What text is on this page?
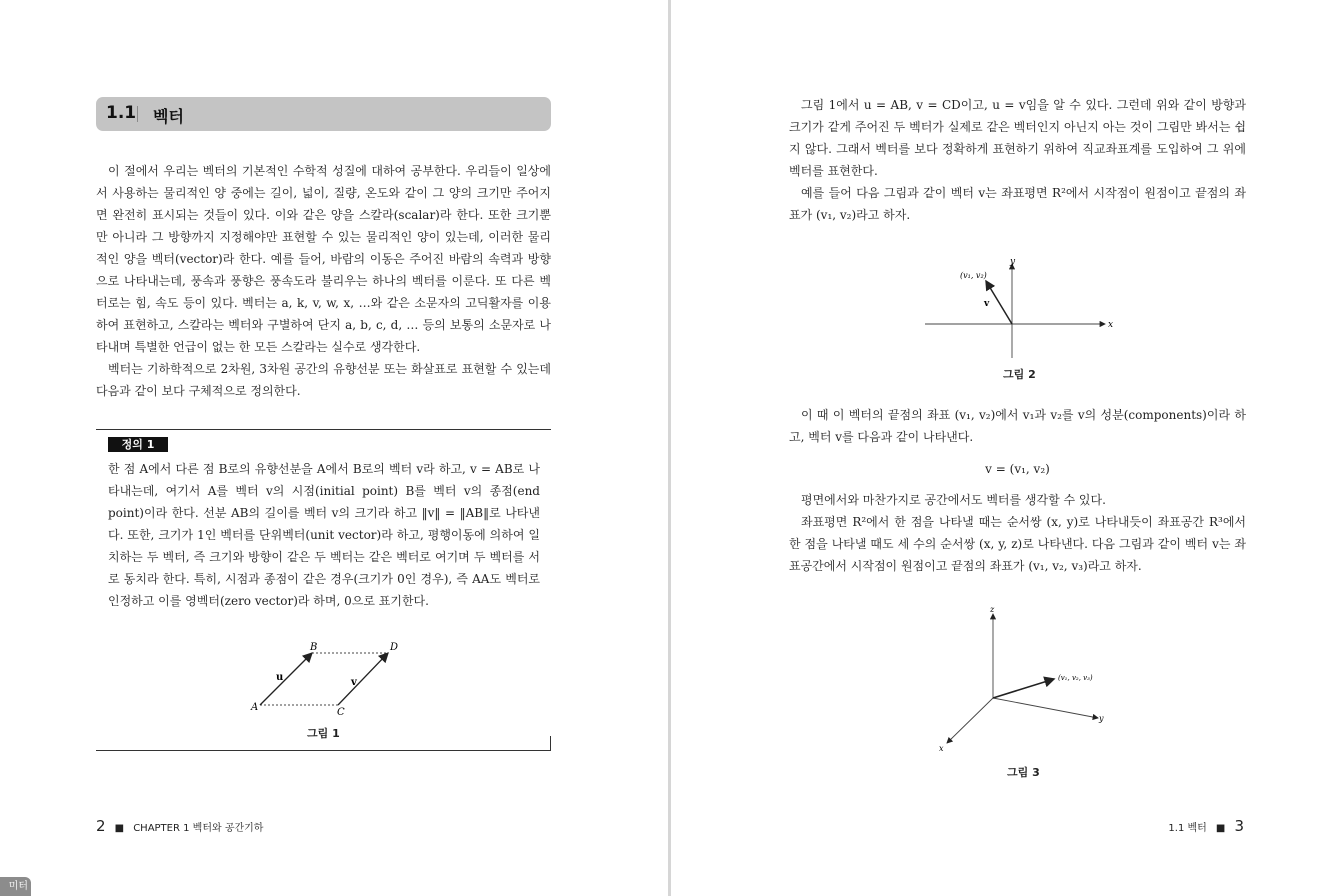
1.1 벡터

이 절에서 우리는 벡터의 기본적인 수학적 성질에 대하여 공부한다. 우리들이 일상에서 사용하는 물리적인 양 중에는 길이, 넓이, 질량, 온도와 같이 그 양의 크기만 주어지면 완전히 표시되는 것들이 있다. 이와 같은 양을 스칼라(scalar)라 한다. 또한 크기뿐만 아니라 그 방향까지 지정해야만 표현할 수 있는 물리적인 양이 있는데, 이러한 물리적인 양을 벡터(vector)라 한다. 예를 들어, 바람의 이동은 주어진 바람의 속력과 방향으로 나타내는데, 풍속과 풍향은 풍속도라 불리우는 하나의 벡터를 이룬다. 또 다른 벡터로는 힘, 속도 등이 있다. 벡터는 a, k, v, w, x, …와 같은 소문자의 고딕활자를 이용하여 표현하고, 스칼라는 벡터와 구별하여 단지 a, b, c, d, … 등의 보통의 소문자로 나타내며 특별한 언급이 없는 한 모든 스칼라는 실수로 생각한다.

벡터는 기하학적으로 2차원, 3차원 공간의 유향선분 또는 화살표로 표현할 수 있는데 다음과 같이 보다 구체적으로 정의한다.

정의 1

한 점 A에서 다른 점 B로의 유향선분을 A에서 B로의 벡터 v라 하고, v = AB로 나타내는데, 여기서 A를 벡터 v의 시점(initial point) B를 벡터 v의 종점(end point)이라 한다. 선분 AB의 길이를 벡터 v의 크기라 하고 ‖v‖ = ‖AB‖로 나타낸다. 또한, 크기가 1인 벡터를 단위벡터(unit vector)라 하고, 평행이동에 의하여 일치하는 두 벡터, 즉 크기와 방향이 같은 두 벡터는 같은 벡터로 여기며 두 벡터를 서로 동치라 한다. 특히, 시점과 종점이 같은 경우(크기가 0인 경우), 즉 AA도 벡터로 인정하고 이를 영벡터(zero vector)라 하며, 0으로 표기한다.

A
B
C
D
u	v
그림 1
2 ■ CHAPTER 1 벡터와 공간기하

그림 1에서 u = AB, v = CD이고, u = v임을 알 수 있다. 그런데 위와 같이 방향과 크기가 같게 주어진 두 벡터가 실제로 같은 벡터인지 아닌지 아는 것이 그림만 봐서는 쉽지 않다. 그래서 벡터를 보다 정확하게 표현하기 위하여 직교좌표계를 도입하여 그 위에 벡터를 표현한다.

예를 들어 다음 그림과 같이 벡터 v는 좌표평면 R²에서 시작점이 원점이고 끝점의 좌표가 (v₁, v₂)라고 하자.

(v₁, v₂)
v
x
y
그림 2

이 때 이 벡터의 끝점의 좌표 (v₁, v₂)에서 v₁과 v₂를 v의 성분(components)이라 하고, 벡터 v를 다음과 같이 나타낸다.

v = (v₁, v₂)

평면에서와 마찬가지로 공간에서도 벡터를 생각할 수 있다.

좌표평면 R²에서 한 점을 나타낼 때는 순서쌍 (x, y)로 나타내듯이 좌표공간 R³에서 한 점을 나타낼 때도 세 수의 순서쌍 (x, y, z)로 나타낸다. 다음 그림과 같이 벡터 v는 좌표공간에서 시작점이 원점이고 끝점의 좌표가 (v₁, v₂, v₃)라고 하자.

(v₁, v₂, v₃)
z
y
x
그림 3
1.1 벡터 ■ 3
미터
